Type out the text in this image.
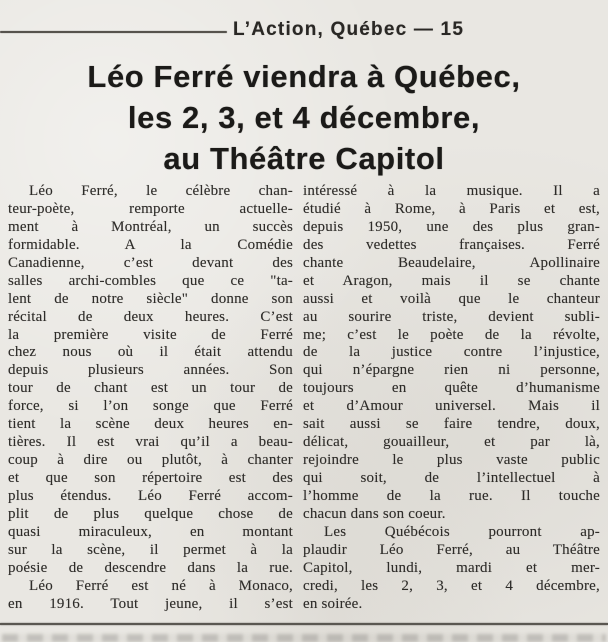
L’Action, Québec — 15
Léo Ferré viendra à Québec,
les 2, 3, et 4 décembre,
au Théâtre Capitol
Léo Ferré, le célèbre chan-
teur-poète, remporte actuelle-
ment à Montréal, un succès
formidable. A la Comédie
Canadienne, c’est devant des
salles archi-combles que ce "ta-
lent de notre siècle" donne son
récital de deux heures. C’est
la première visite de Ferré
chez nous où il était attendu
depuis plusieurs années. Son
tour de chant est un tour de
force, si l’on songe que Ferré
tient la scène deux heures en-
tières. Il est vrai qu’il a beau-
coup à dire ou plutôt, à chanter
et que son répertoire est des
plus étendus. Léo Ferré accom-
plit de plus quelque chose de
quasi miraculeux, en montant
sur la scène, il permet à la
poésie de descendre dans la rue.
Léo Ferré est né à Monaco,
en 1916. Tout jeune, il s’est
intéressé à la musique. Il a
étudié à Rome, à Paris et est,
depuis 1950, une des plus gran-
des vedettes françaises. Ferré
chante Beaudelaire, Apollinaire
et Aragon, mais il se chante
aussi et voilà que le chanteur
au sourire triste, devient subli-
me; c’est le poète de la révolte,
de la justice contre l’injustice,
qui n’épargne rien ni personne,
toujours en quête d’humanisme
et d’Amour universel. Mais il
sait aussi se faire tendre, doux,
délicat, gouailleur, et par là,
rejoindre le plus vaste public
qui soit, de l’intellectuel à
l’homme de la rue. Il touche
chacun dans son coeur.
Les Québécois pourront ap-
plaudir Léo Ferré, au Théâtre
Capitol, lundi, mardi et mer-
credi, les 2, 3, et 4 décembre,
en soirée.
